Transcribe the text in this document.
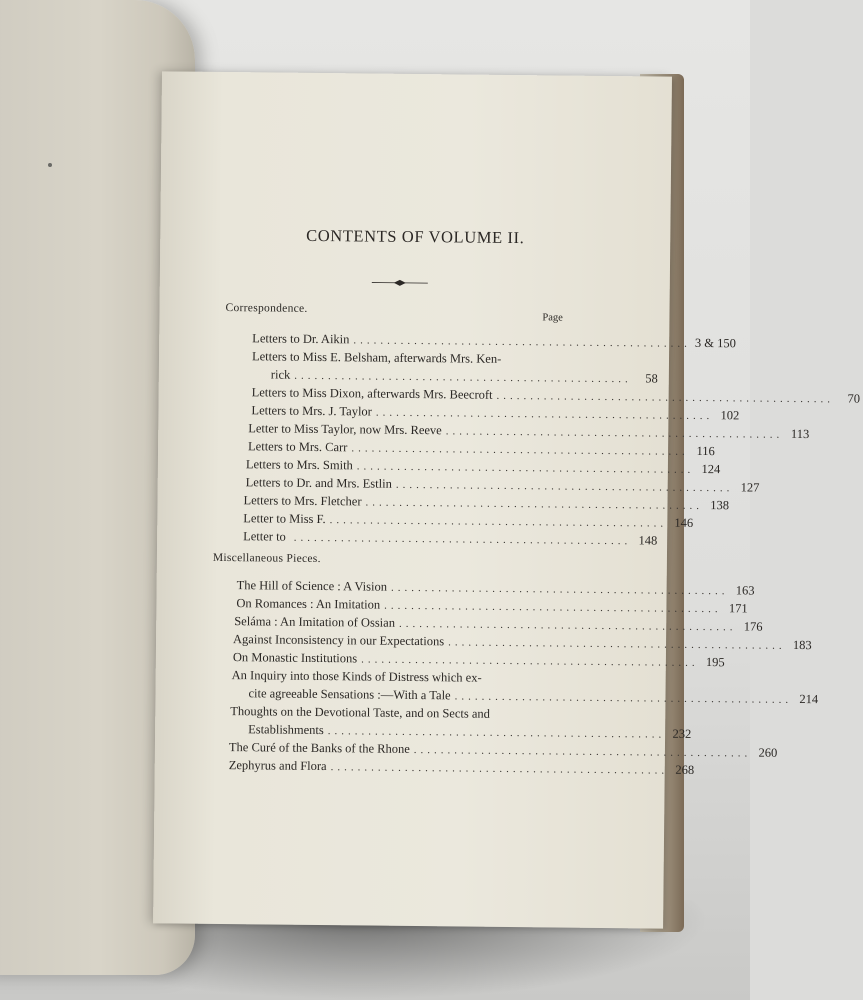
CONTENTS OF VOLUME II.
Correspondence.
Page
Letters to Dr. Aikin .................................................. 3 & 150
Letters to Miss E. Belsham, afterwards Mrs. Ken-
rick ..................................................	58
Letters to Miss Dixon, afterwards Mrs. Beecroft ..................................................	70
Letters to Mrs. J. Taylor .................................................. 102
Letter to Miss Taylor, now Mrs. Reeve .................................................. 113
Letters to Mrs. Carr .................................................. 116
Letters to Mrs. Smith .................................................. 124
Letters to Dr. and Mrs. Estlin .................................................. 127
Letters to Mrs. Fletcher .................................................. 138
Letter to Miss F. .................................................. 146
Letter to .................................................. 148
Miscellaneous Pieces.
The Hill of Science : A Vision .................................................. 163
On Romances : An Imitation .................................................. 171
Seláma : An Imitation of Ossian .................................................. 176
Against Inconsistency in our Expectations .................................................. 183
On Monastic Institutions .................................................. 195
An Inquiry into those Kinds of Distress which ex-
cite agreeable Sensations :—With a Tale .................................................. 214
Thoughts on the Devotional Taste, and on Sects and
Establishments .................................................. 232
The Curé of the Banks of the Rhone .................................................. 260
Zephyrus and Flora .................................................. 268
